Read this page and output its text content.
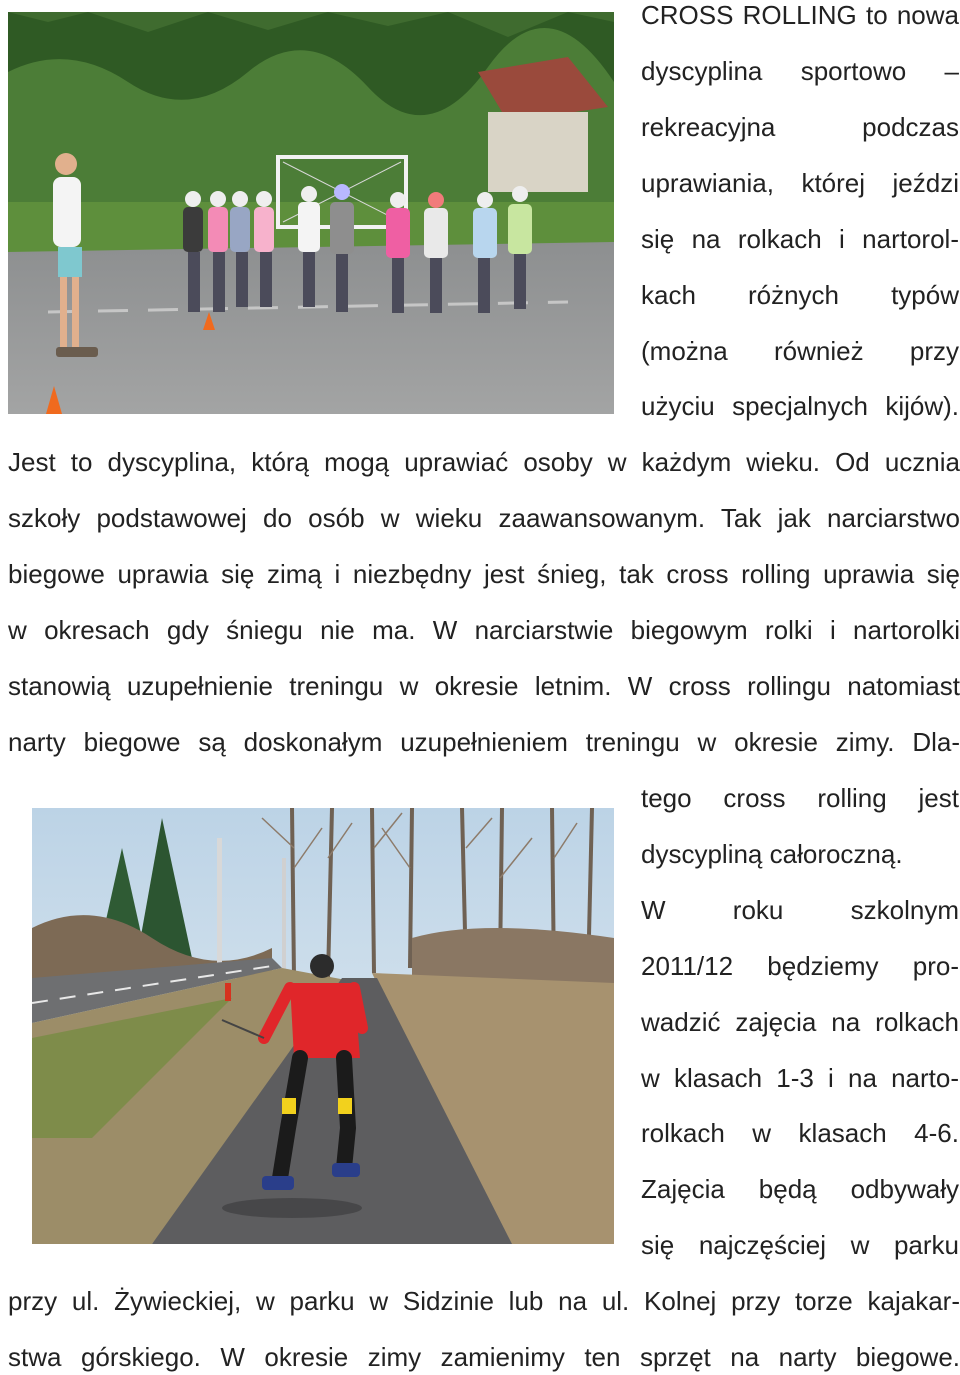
CROSS ROLLING to nowa
dyscyplina sportowo –
rekreacyjna podczas
uprawiania, której jeździ
się na rolkach i nartorol-
kach różnych typów
(można również przy
użyciu specjalnych kijów).
Jest to dyscyplina, którą mogą uprawiać osoby w każdym wieku. Od ucznia
szkoły podstawowej do osób w wieku zaawansowanym. Tak jak narciarstwo
biegowe uprawia się zimą i niezbędny jest śnieg, tak cross rolling uprawia się
w okresach gdy śniegu nie ma. W narciarstwie biegowym rolki i nartorolki
stanowią uzupełnienie treningu w okresie letnim. W cross rollingu natomiast
narty biegowe są doskonałym uzupełnieniem treningu w okresie zimy. Dla-
tego cross rolling jest
dyscypliną całoroczną.
W roku szkolnym
2011/12 będziemy pro-
wadzić zajęcia na rolkach
w klasach 1-3 i na narto-
rolkach w klasach 4-6.
Zajęcia będą odbywały
się najczęściej w parku
przy ul. Żywieckiej, w parku w Sidzinie lub na ul. Kolnej przy torze kajakar-
stwa górskiego. W okresie zimy zamienimy ten sprzęt na narty biegowe.
